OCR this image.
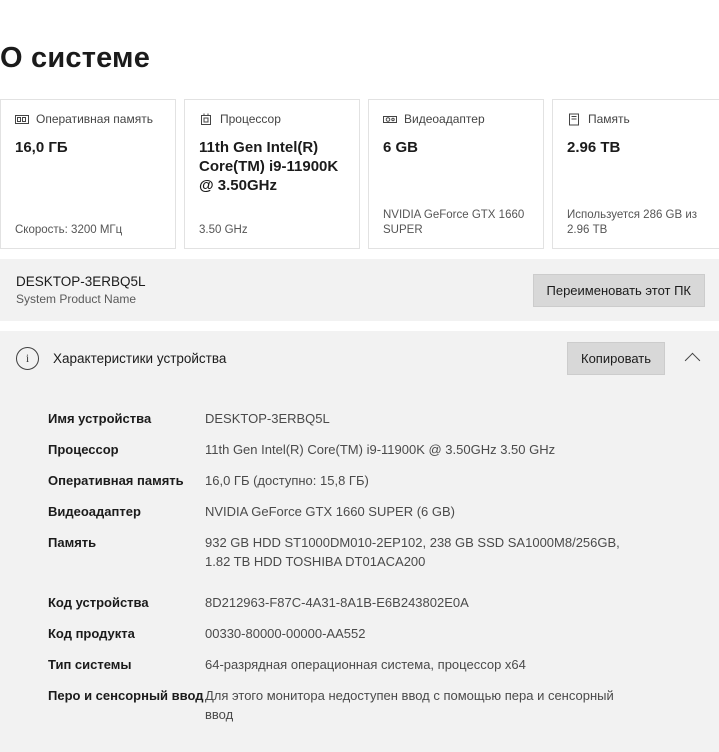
О системе
Оперативная память
16,0 ГБ
Скорость: 3200 МГц
Процессор
11th Gen Intel(R) Core(TM) i9-11900K @ 3.50GHz
3.50 GHz
Видеоадаптер
6 GB
NVIDIA GeForce GTX 1660 SUPER
Память
2.96 TB
Используется 286 GB из 2.96 TB
DESKTOP-3ERBQ5L
System Product Name
Переименовать этот ПК
i	Характеристики устройства	Копировать
Имя устройства	DESKTOP-3ERBQ5L
Процессор	11th Gen Intel(R) Core(TM) i9-11900K @ 3.50GHz 3.50 GHz
Оперативная память	16,0 ГБ (доступно: 15,8 ГБ)
Видеоадаптер	NVIDIA GeForce GTX 1660 SUPER (6 GB)
Память	932 GB HDD ST1000DM010-2EP102, 238 GB SSD SA1000M8/256GB, 1.82 TB HDD TOSHIBA DT01ACA200
Код устройства	8D212963-F87C-4A31-8A1B-E6B243802E0A
Код продукта	00330-80000-00000-AA552
Тип системы	64-разрядная операционная система, процессор x64
Перо и сенсорный ввод Для этого монитора недоступен ввод с помощью пера и сенсорный ввод
